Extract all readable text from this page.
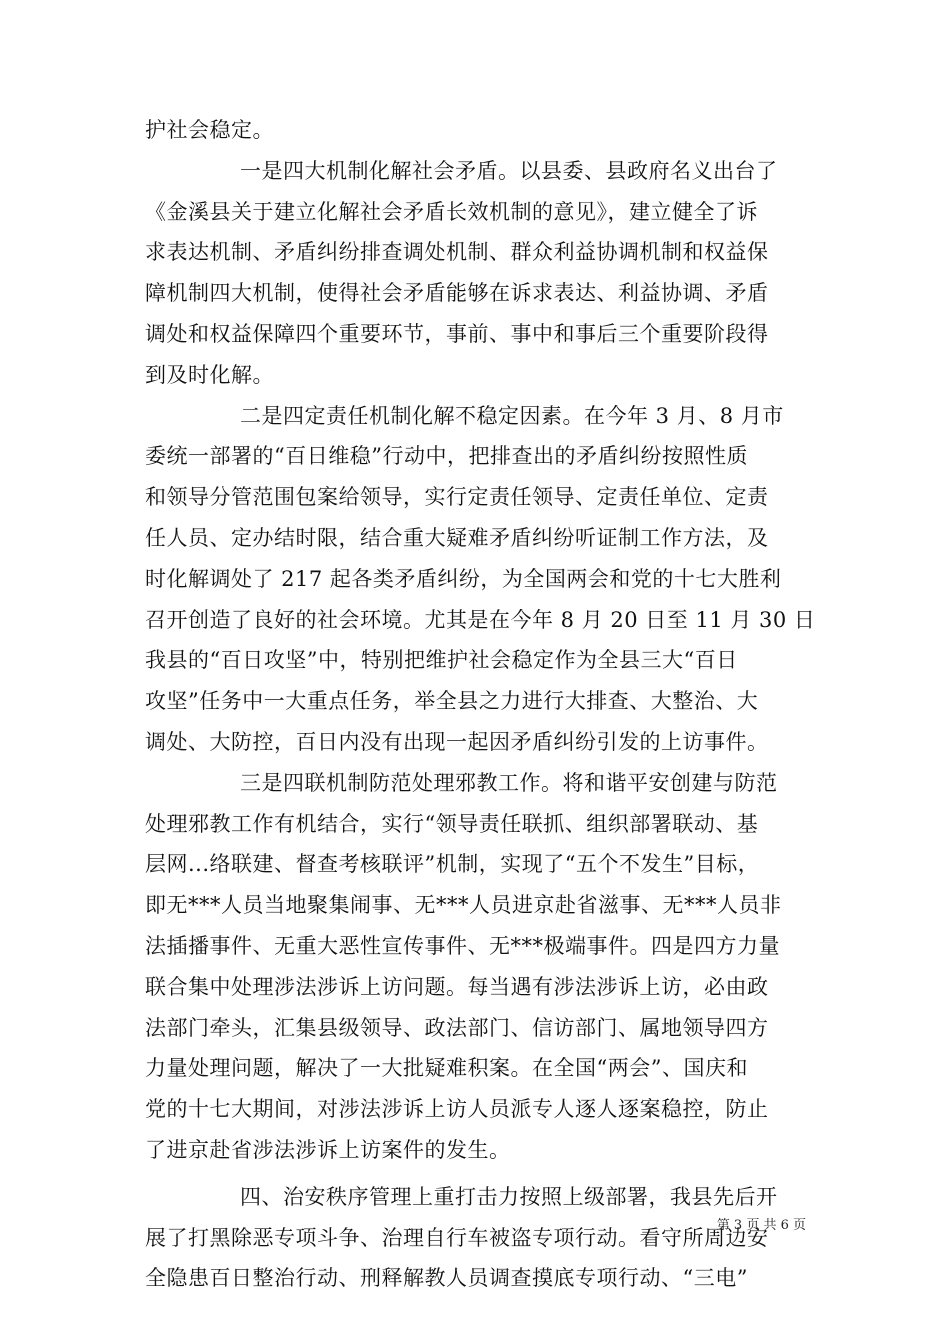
护社会稳定。
一是四大机制化解社会矛盾。以县委、县政府名义出台了
《金溪县关于建立化解社会矛盾长效机制的意见》，建立健全了诉
求表达机制、矛盾纠纷排查调处机制、群众利益协调机制和权益保
障机制四大机制，使得社会矛盾能够在诉求表达、利益协调、矛盾
调处和权益保障四个重要环节，事前、事中和事后三个重要阶段得
到及时化解。
二是四定责任机制化解不稳定因素。在今年 3 月、8 月市
委统一部署的“百日维稳”行动中，把排查出的矛盾纠纷按照性质
和领导分管范围包案给领导，实行定责任领导、定责任单位、定责
任人员、定办结时限，结合重大疑难矛盾纠纷听证制工作方法，及
时化解调处了 217 起各类矛盾纠纷，为全国两会和党的十七大胜利
召开创造了良好的社会环境。尤其是在今年 8 月 20 日至 11 月 30 日
我县的“百日攻坚”中，特别把维护社会稳定作为全县三大“百日
攻坚”任务中一大重点任务，举全县之力进行大排查、大整治、大
调处、大防控，百日内没有出现一起因矛盾纠纷引发的上访事件。
三是四联机制防范处理邪教工作。将和谐平安创建与防范
处理邪教工作有机结合，实行“领导责任联抓、组织部署联动、基
层网...络联建、督查考核联评”机制，实现了“五个不发生”目标，
即无***人员当地聚集闹事、无***人员进京赴省滋事、无***人员非
法插播事件、无重大恶性宣传事件、无***极端事件。四是四方力量
联合集中处理涉法涉诉上访问题。每当遇有涉法涉诉上访，必由政
法部门牵头，汇集县级领导、政法部门、信访部门、属地领导四方
力量处理问题，解决了一大批疑难积案。在全国“两会”、国庆和
党的十七大期间，对涉法涉诉上访人员派专人逐人逐案稳控，防止
了进京赴省涉法涉诉上访案件的发生。
四、治安秩序管理上重打击力按照上级部署，我县先后开
展了打黑除恶专项斗争、治理自行车被盗专项行动。看守所周边安
全隐患百日整治行动、刑释解教人员调查摸底专项行动、“三电”
第 3 页 共 6 页
